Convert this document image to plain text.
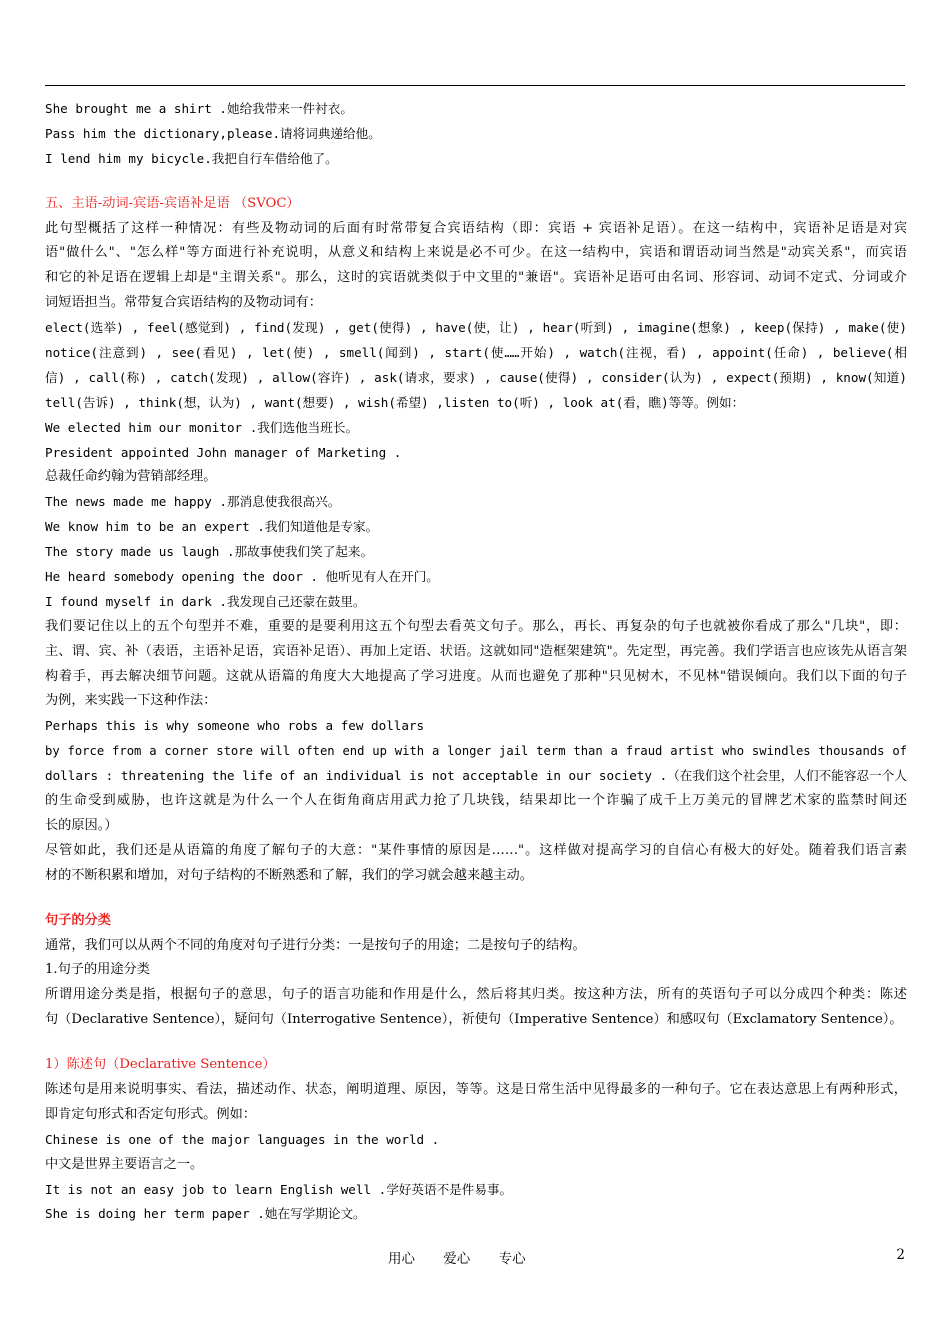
She brought me a shirt .她给我带来一件衬衣。
Pass him the dictionary,please.请将词典递给他。
I lend him my bicycle.我把自行车借给他了。
五、主语-动词-宾语-宾语补足语 （SVOC）
此句型概括了这样一种情况：有些及物动词的后面有时常带复合宾语结构（即：宾语 + 宾语补足语）。在这一结构中，宾语补足语是对宾
语"做什么"、"怎么样"等方面进行补充说明，从意义和结构上来说是必不可少。在这一结构中，宾语和谓语动词当然是"动宾关系"，而宾语
和它的补足语在逻辑上却是"主谓关系"。那么，这时的宾语就类似于中文里的"兼语"。宾语补足语可由名词、形容词、动词不定式、分词或介
词短语担当。常带复合宾语结构的及物动词有：
elect(选举) , feel(感觉到) , find(发现) , get(使得) , have(使，让) , hear(听到) , imagine(想象) , keep(保持) , make(使)
notice(注意到) , see(看见) , let(使) , smell(闻到) , start(使……开始) , watch(注视，看) , appoint(任命) , believe(相
信) , call(称) , catch(发现) , allow(容许) , ask(请求，要求) , cause(使得) , consider(认为) , expect(预期) , know(知道)
tell(告诉) , think(想，认为) , want(想要) , wish(希望) ,listen to(听) , look at(看，瞧)等等。例如：
We elected him our monitor .我们选他当班长。
President appointed John manager of Marketing .
总裁任命约翰为营销部经理。
The news made me happy .那消息使我很高兴。
We know him to be an expert .我们知道他是专家。
The story made us laugh .那故事使我们笑了起来。
He heard somebody opening the door . 他听见有人在开门。
I found myself in dark .我发现自己还蒙在鼓里。
我们要记住以上的五个句型并不难，重要的是要利用这五个句型去看英文句子。那么，再长、再复杂的句子也就被你看成了那么"几块"，即：
主、谓、宾、补（表语，主语补足语，宾语补足语）、再加上定语、状语。这就如同"造框架建筑"。先定型，再完善。我们学语言也应该先从语言架
构着手，再去解决细节问题。这就从语篇的角度大大地提高了学习进度。从而也避免了那种"只见树木，不见林"错误倾向。我们以下面的句子
为例，来实践一下这种作法：
Perhaps this is why someone who robs a few dollars
by force from a corner store will often end up with a longer jail term than a fraud artist who swindles thousands of
dollars : threatening the life of an individual is not acceptable in our society .（在我们这个社会里，人们不能容忍一个人
的生命受到威胁，也许这就是为什么一个人在街角商店用武力抢了几块钱，结果却比一个诈骗了成千上万美元的冒牌艺术家的监禁时间还
长的原因。）
尽管如此，我们还是从语篇的角度了解句子的大意："某件事情的原因是……"。这样做对提高学习的自信心有极大的好处。随着我们语言素
材的不断积累和增加，对句子结构的不断熟悉和了解，我们的学习就会越来越主动。
句子的分类
通常，我们可以从两个不同的角度对句子进行分类：一是按句子的用途；二是按句子的结构。
1.句子的用途分类
所谓用途分类是指，根据句子的意思，句子的语言功能和作用是什么，然后将其归类。按这种方法，所有的英语句子可以分成四个种类：陈述
句（Declarative Sentence），疑问句（Interrogative Sentence），祈使句（Imperative Sentence）和感叹句（Exclamatory Sentence）。
1）陈述句（Declarative Sentence）
陈述句是用来说明事实、看法，描述动作、状态，阐明道理、原因，等等。这是日常生活中见得最多的一种句子。它在表达意思上有两种形式，
即肯定句形式和否定句形式。例如：
Chinese is one of the major languages in the world .
中文是世界主要语言之一。
It is not an easy job to learn English well .学好英语不是件易事。
She is doing her term paper .她在写学期论文。
用心 爱心 专心	2
